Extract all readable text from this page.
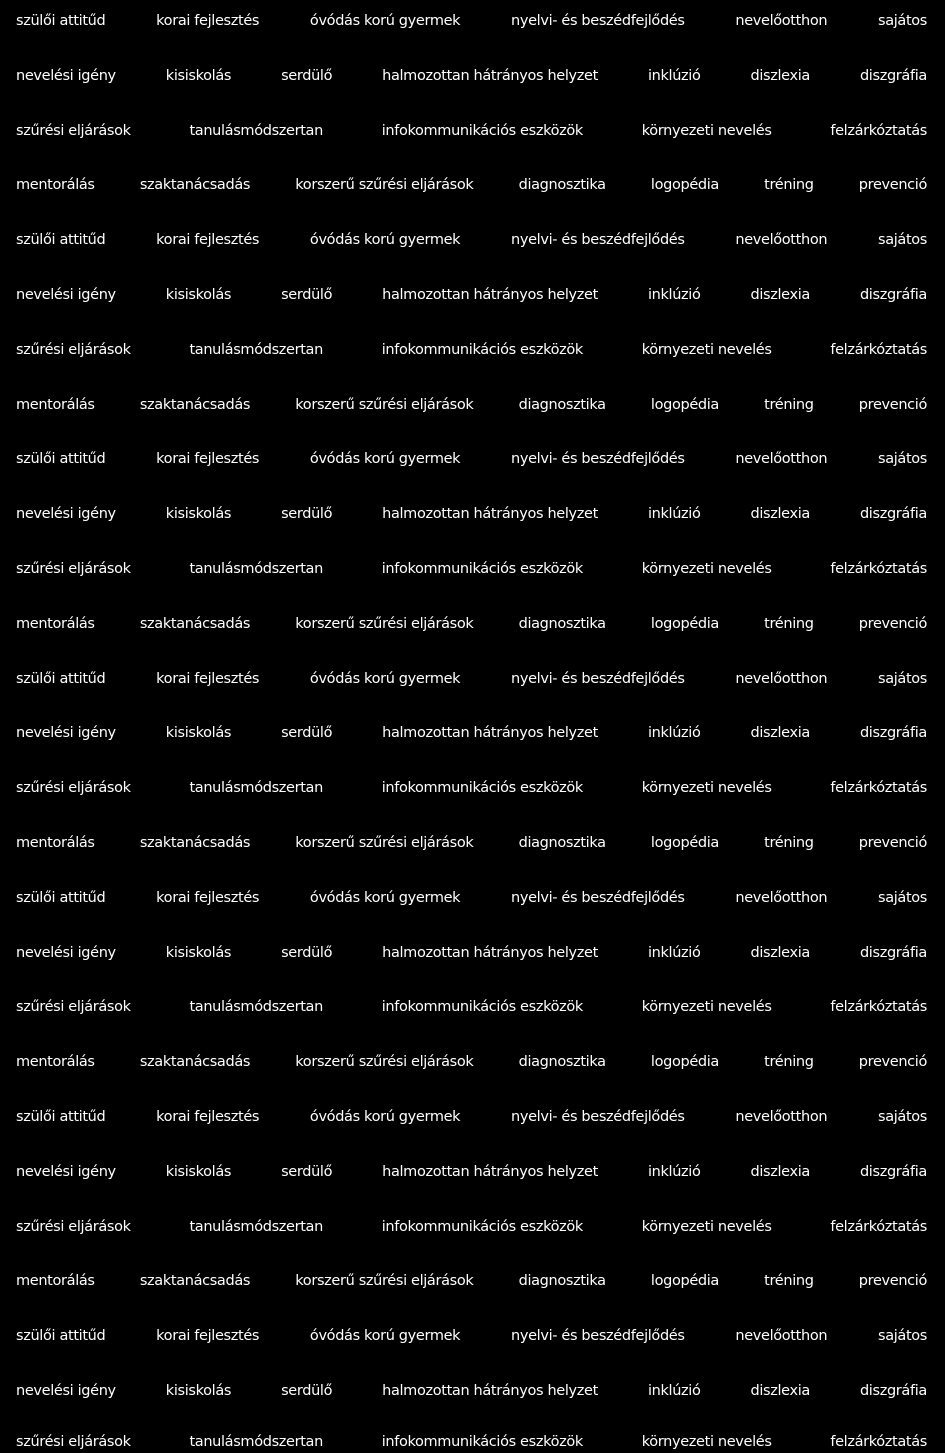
szülői attitűd	korai fejlesztés	óvódás korú gyermek	nyelvi- és beszédfejlődés	nevelőotthon	sajátos
nevelési igény	kisiskolás	serdülő	halmozottan hátrányos helyzet	inklúzió	diszlexia	diszgráfia
szűrési eljárások	tanulásmódszertan	infokommunikációs eszközök	környezeti nevelés	felzárkóztatás
mentorálás	szaktanácsadás	korszerű szűrési eljárások	diagnosztika	logopédia	tréning	prevenció
szülői attitűd	korai fejlesztés	óvódás korú gyermek	nyelvi- és beszédfejlődés	nevelőotthon	sajátos
nevelési igény	kisiskolás	serdülő	halmozottan hátrányos helyzet	inklúzió	diszlexia	diszgráfia
szűrési eljárások	tanulásmódszertan	infokommunikációs eszközök	környezeti nevelés	felzárkóztatás
mentorálás	szaktanácsadás	korszerű szűrési eljárások	diagnosztika	logopédia	tréning	prevenció
szülői attitűd	korai fejlesztés	óvódás korú gyermek	nyelvi- és beszédfejlődés	nevelőotthon	sajátos
nevelési igény	kisiskolás	serdülő	halmozottan hátrányos helyzet	inklúzió	diszlexia	diszgráfia
szűrési eljárások	tanulásmódszertan	infokommunikációs eszközök	környezeti nevelés	felzárkóztatás
mentorálás	szaktanácsadás	korszerű szűrési eljárások	diagnosztika	logopédia	tréning	prevenció
szülői attitűd	korai fejlesztés	óvódás korú gyermek	nyelvi- és beszédfejlődés	nevelőotthon	sajátos
nevelési igény	kisiskolás	serdülő	halmozottan hátrányos helyzet	inklúzió	diszlexia	diszgráfia
szűrési eljárások	tanulásmódszertan	infokommunikációs eszközök	környezeti nevelés	felzárkóztatás
mentorálás	szaktanácsadás	korszerű szűrési eljárások	diagnosztika	logopédia	tréning	prevenció
szülői attitűd	korai fejlesztés	óvódás korú gyermek	nyelvi- és beszédfejlődés	nevelőotthon	sajátos
nevelési igény	kisiskolás	serdülő	halmozottan hátrányos helyzet	inklúzió	diszlexia	diszgráfia
szűrési eljárások	tanulásmódszertan	infokommunikációs eszközök	környezeti nevelés	felzárkóztatás
mentorálás	szaktanácsadás	korszerű szűrési eljárások	diagnosztika	logopédia	tréning	prevenció
szülői attitűd	korai fejlesztés	óvódás korú gyermek	nyelvi- és beszédfejlődés	nevelőotthon	sajátos
nevelési igény	kisiskolás	serdülő	halmozottan hátrányos helyzet	inklúzió	diszlexia	diszgráfia
szűrési eljárások	tanulásmódszertan	infokommunikációs eszközök	környezeti nevelés	felzárkóztatás
mentorálás	szaktanácsadás	korszerű szűrési eljárások	diagnosztika	logopédia	tréning	prevenció
szülői attitűd	korai fejlesztés	óvódás korú gyermek	nyelvi- és beszédfejlődés	nevelőotthon	sajátos
nevelési igény	kisiskolás	serdülő	halmozottan hátrányos helyzet	inklúzió	diszlexia	diszgráfia
szűrési eljárások	tanulásmódszertan	infokommunikációs eszközök	környezeti nevelés	felzárkóztatás
